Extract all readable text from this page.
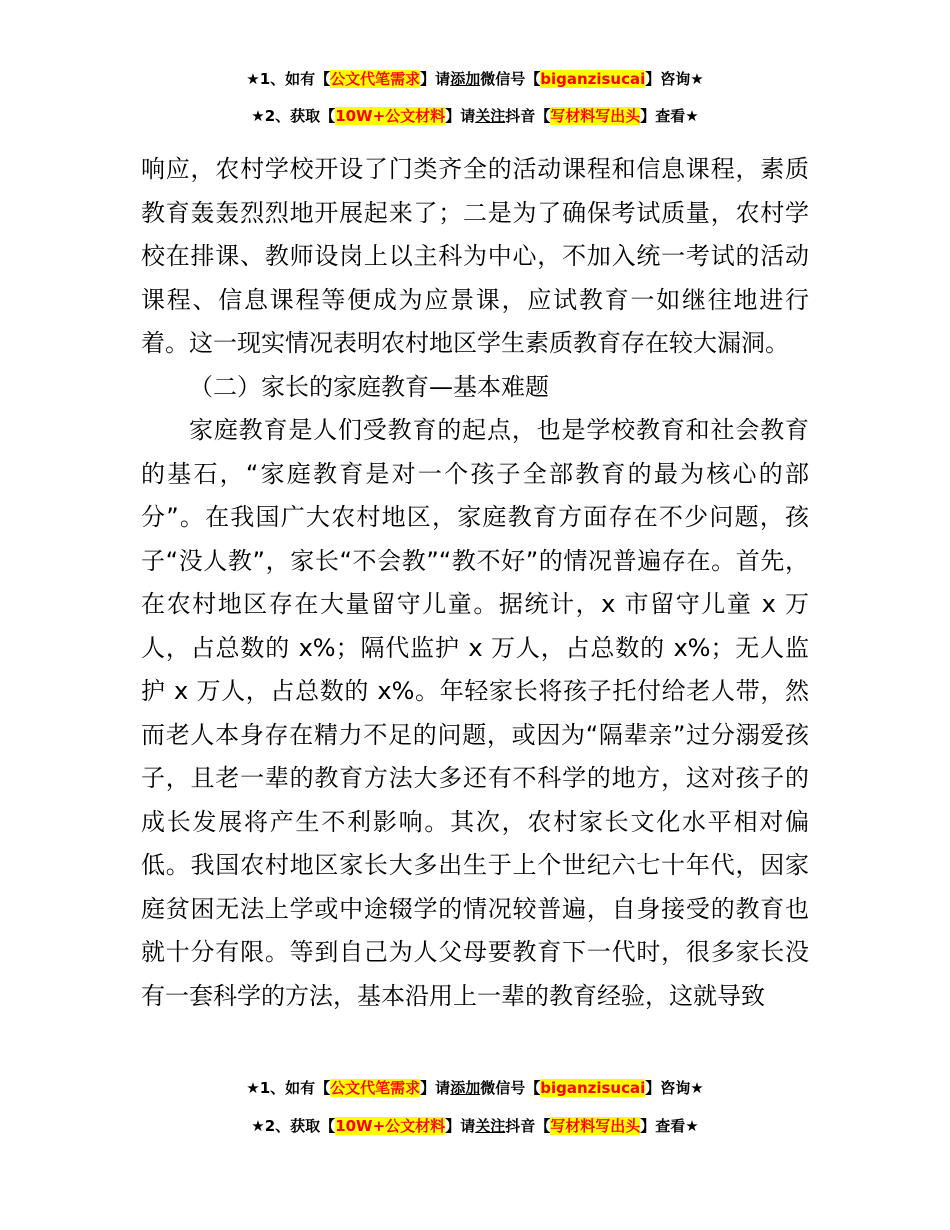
★1、如有【公文代笔需求】请添加微信号【biganzisucai】咨询★
★2、获取【10W+公文材料】请关注抖音【写材料写出头】查看★

响应，农村学校开设了门类齐全的活动课程和信息课程，素质教育轰轰烈烈地开展起来了；二是为了确保考试质量，农村学校在排课、教师设岗上以主科为中心，不加入统一考试的活动课程、信息课程等便成为应景课，应试教育一如继往地进行着。这一现实情况表明农村地区学生素质教育存在较大漏洞。

（二）家长的家庭教育—基本难题

家庭教育是人们受教育的起点，也是学校教育和社会教育的基石，“家庭教育是对一个孩子全部教育的最为核心的部分”。在我国广大农村地区，家庭教育方面存在不少问题，孩子“没人教”，家长“不会教”“教不好”的情况普遍存在。首先，在农村地区存在大量留守儿童。据统计，x 市留守儿童 x 万人，占总数的 x%；隔代监护 x 万人，占总数的 x%；无人监护 x 万人，占总数的 x%。年轻家长将孩子托付给老人带，然而老人本身存在精力不足的问题，或因为“隔辈亲”过分溺爱孩子，且老一辈的教育方法大多还有不科学的地方，这对孩子的成长发展将产生不利影响。其次，农村家长文化水平相对偏低。我国农村地区家长大多出生于上个世纪六七十年代，因家庭贫困无法上学或中途辍学的情况较普遍，自身接受的教育也就十分有限。等到自己为人父母要教育下一代时，很多家长没有一套科学的方法，基本沿用上一辈的教育经验，这就导致

★1、如有【公文代笔需求】请添加微信号【biganzisucai】咨询★
★2、获取【10W+公文材料】请关注抖音【写材料写出头】查看★
